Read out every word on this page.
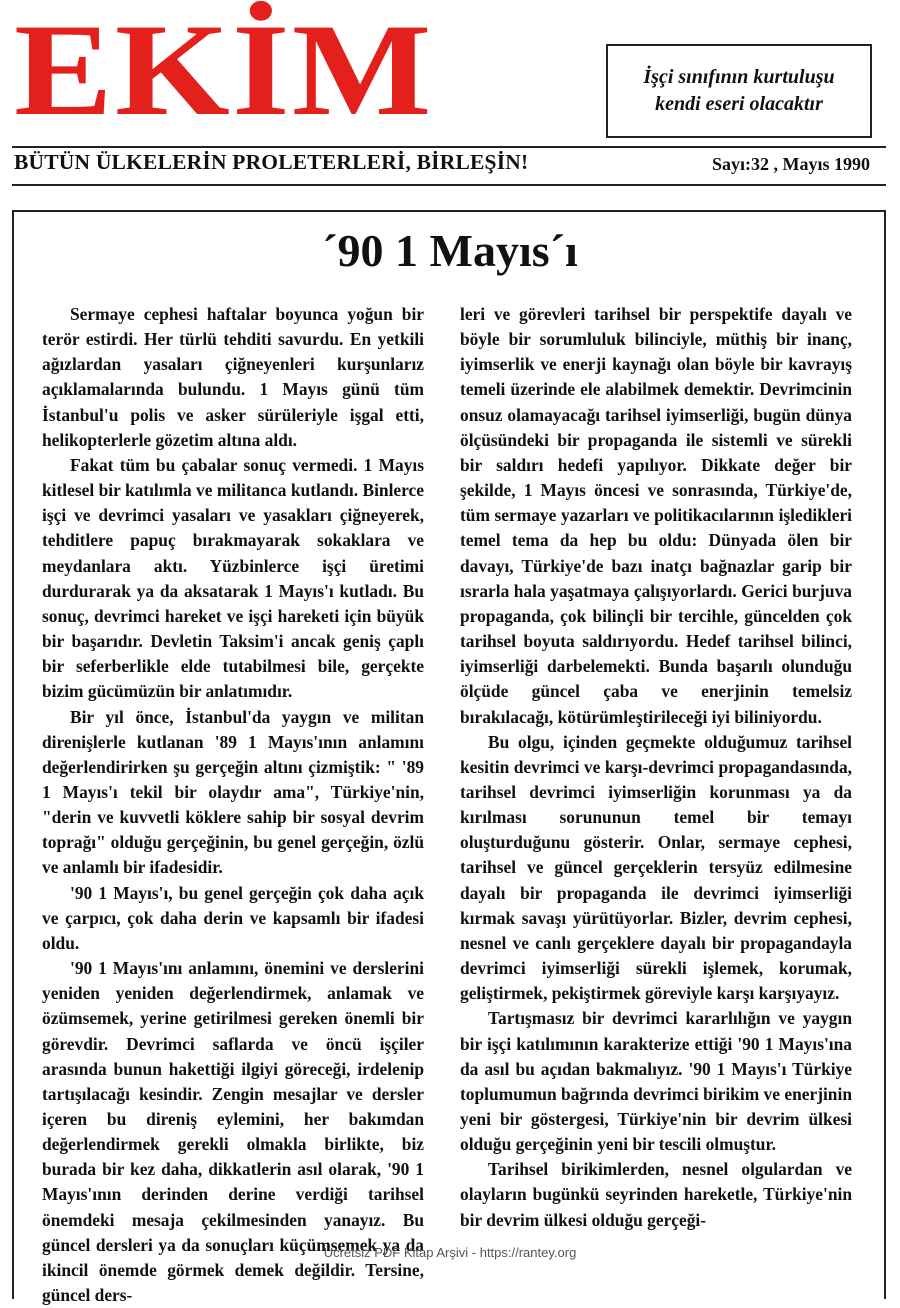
EKİM	İşçi sınıfının kurtuluşu
kendi eseri olacaktır
BÜTÜN ÜLKELERİN PROLETERLERİ, BİRLEŞİN!	Sayı:32 , Mayıs 1990
´90 1 Mayıs´ı

Sermaye cephesi haftalar boyunca yoğun bir terör estirdi. Her türlü tehditi savurdu. En yetkili ağızlardan yasaları çiğneyenleri kurşunlarız açıklamalarında bulundu. 1 Mayıs günü tüm İstanbul'u polis ve asker sürüleriyle işgal etti, helikopterlerle gözetim altına aldı.

Fakat tüm bu çabalar sonuç vermedi. 1 Mayıs kitlesel bir katılımla ve militanca kutlandı. Binlerce işçi ve devrimci yasaları ve yasakları çiğneyerek, tehditlere papuç bırakmayarak sokaklara ve meydanlara aktı. Yüzbinlerce işçi üretimi durdurarak ya da aksatarak 1 Mayıs'ı kutladı. Bu sonuç, devrimci hareket ve işçi hareketi için büyük bir başarıdır. Devletin Taksim'i ancak geniş çaplı bir seferberlikle elde tutabilmesi bile, gerçekte bizim gücümüzün bir anlatımıdır.

Bir yıl önce, İstanbul'da yaygın ve militan direnişlerle kutlanan '89 1 Mayıs'ının anlamını değerlendirirken şu gerçeğin altını çizmiştik: " '89 1 Mayıs'ı tekil bir olaydır ama", Türkiye'nin, "derin ve kuvvetli köklere sahip bir sosyal devrim toprağı" olduğu gerçeğinin, bu genel gerçeğin, özlü ve anlamlı bir ifadesidir.

'90 1 Mayıs'ı, bu genel gerçeğin çok daha açık ve çarpıcı, çok daha derin ve kapsamlı bir ifadesi oldu.

'90 1 Mayıs'ını anlamını, önemini ve derslerini yeniden yeniden değerlendirmek, anlamak ve özümsemek, yerine getirilmesi gereken önemli bir görevdir. Devrimci saflarda ve öncü işçiler arasında bunun hakettiği ilgiyi göreceği, irdelenip tartışılacağı kesindir. Zengin mesajlar ve dersler içeren bu direniş eylemini, her bakımdan değerlendirmek gerekli olmakla birlikte, biz burada bir kez daha, dikkatlerin asıl olarak, '90 1 Mayıs'ının derinden derine verdiği tarihsel önemdeki mesaja çekilmesinden yanayız. Bu güncel dersleri ya da sonuçları küçümsemek ya da ikincil önemde görmek demek değildir. Tersine, güncel ders-

leri ve görevleri tarihsel bir perspektife dayalı ve böyle bir sorumluluk bilinciyle, müthiş bir inanç, iyimserlik ve enerji kaynağı olan böyle bir kavrayış temeli üzerinde ele alabilmek demektir. Devrimcinin onsuz olamayacağı tarihsel iyimserliği, bugün dünya ölçüsündeki bir propaganda ile sistemli ve sürekli bir saldırı hedefi yapılıyor. Dikkate değer bir şekilde, 1 Mayıs öncesi ve sonrasında, Türkiye'de, tüm sermaye yazarları ve politikacılarının işledikleri temel tema da hep bu oldu: Dünyada ölen bir davayı, Türkiye'de bazı inatçı bağnazlar garip bir ısrarla hala yaşatmaya çalışıyorlardı. Gerici burjuva propaganda, çok bilinçli bir tercihle, güncelden çok tarihsel boyuta saldırıyordu. Hedef tarihsel bilinci, iyimserliği darbelemekti. Bunda başarılı olunduğu ölçüde güncel çaba ve enerjinin temelsiz bırakılacağı, kötürümleştirileceği iyi biliniyordu.

Bu olgu, içinden geçmekte olduğumuz tarihsel kesitin devrimci ve karşı-devrimci propagandasında, tarihsel devrimci iyimserliğin korunması ya da kırılması sorununun temel bir temayı oluşturduğunu gösterir. Onlar, sermaye cephesi, tarihsel ve güncel gerçeklerin tersyüz edilmesine dayalı bir propaganda ile devrimci iyimserliği kırmak savaşı yürütüyorlar. Bizler, devrim cephesi, nesnel ve canlı gerçeklere dayalı bir propagandayla devrimci iyimserliği sürekli işlemek, korumak, geliştirmek, pekiştirmek göreviyle karşı karşıyayız.

Tartışmasız bir devrimci kararlılığın ve yaygın bir işçi katılımının karakterize ettiği '90 1 Mayıs'ına da asıl bu açıdan bakmalıyız. '90 1 Mayıs'ı Türkiye toplumumun bağrında devrimci birikim ve enerjinin yeni bir göstergesi, Türkiye'nin bir devrim ülkesi olduğu gerçeğinin yeni bir tescili olmuştur.

Tarihsel birikimlerden, nesnel olgulardan ve olayların bugünkü seyrinden hareketle, Türkiye'nin bir devrim ülkesi olduğu gerçeği-

Ücretsiz PDF Kitap Arşivi - https://rantey.org
